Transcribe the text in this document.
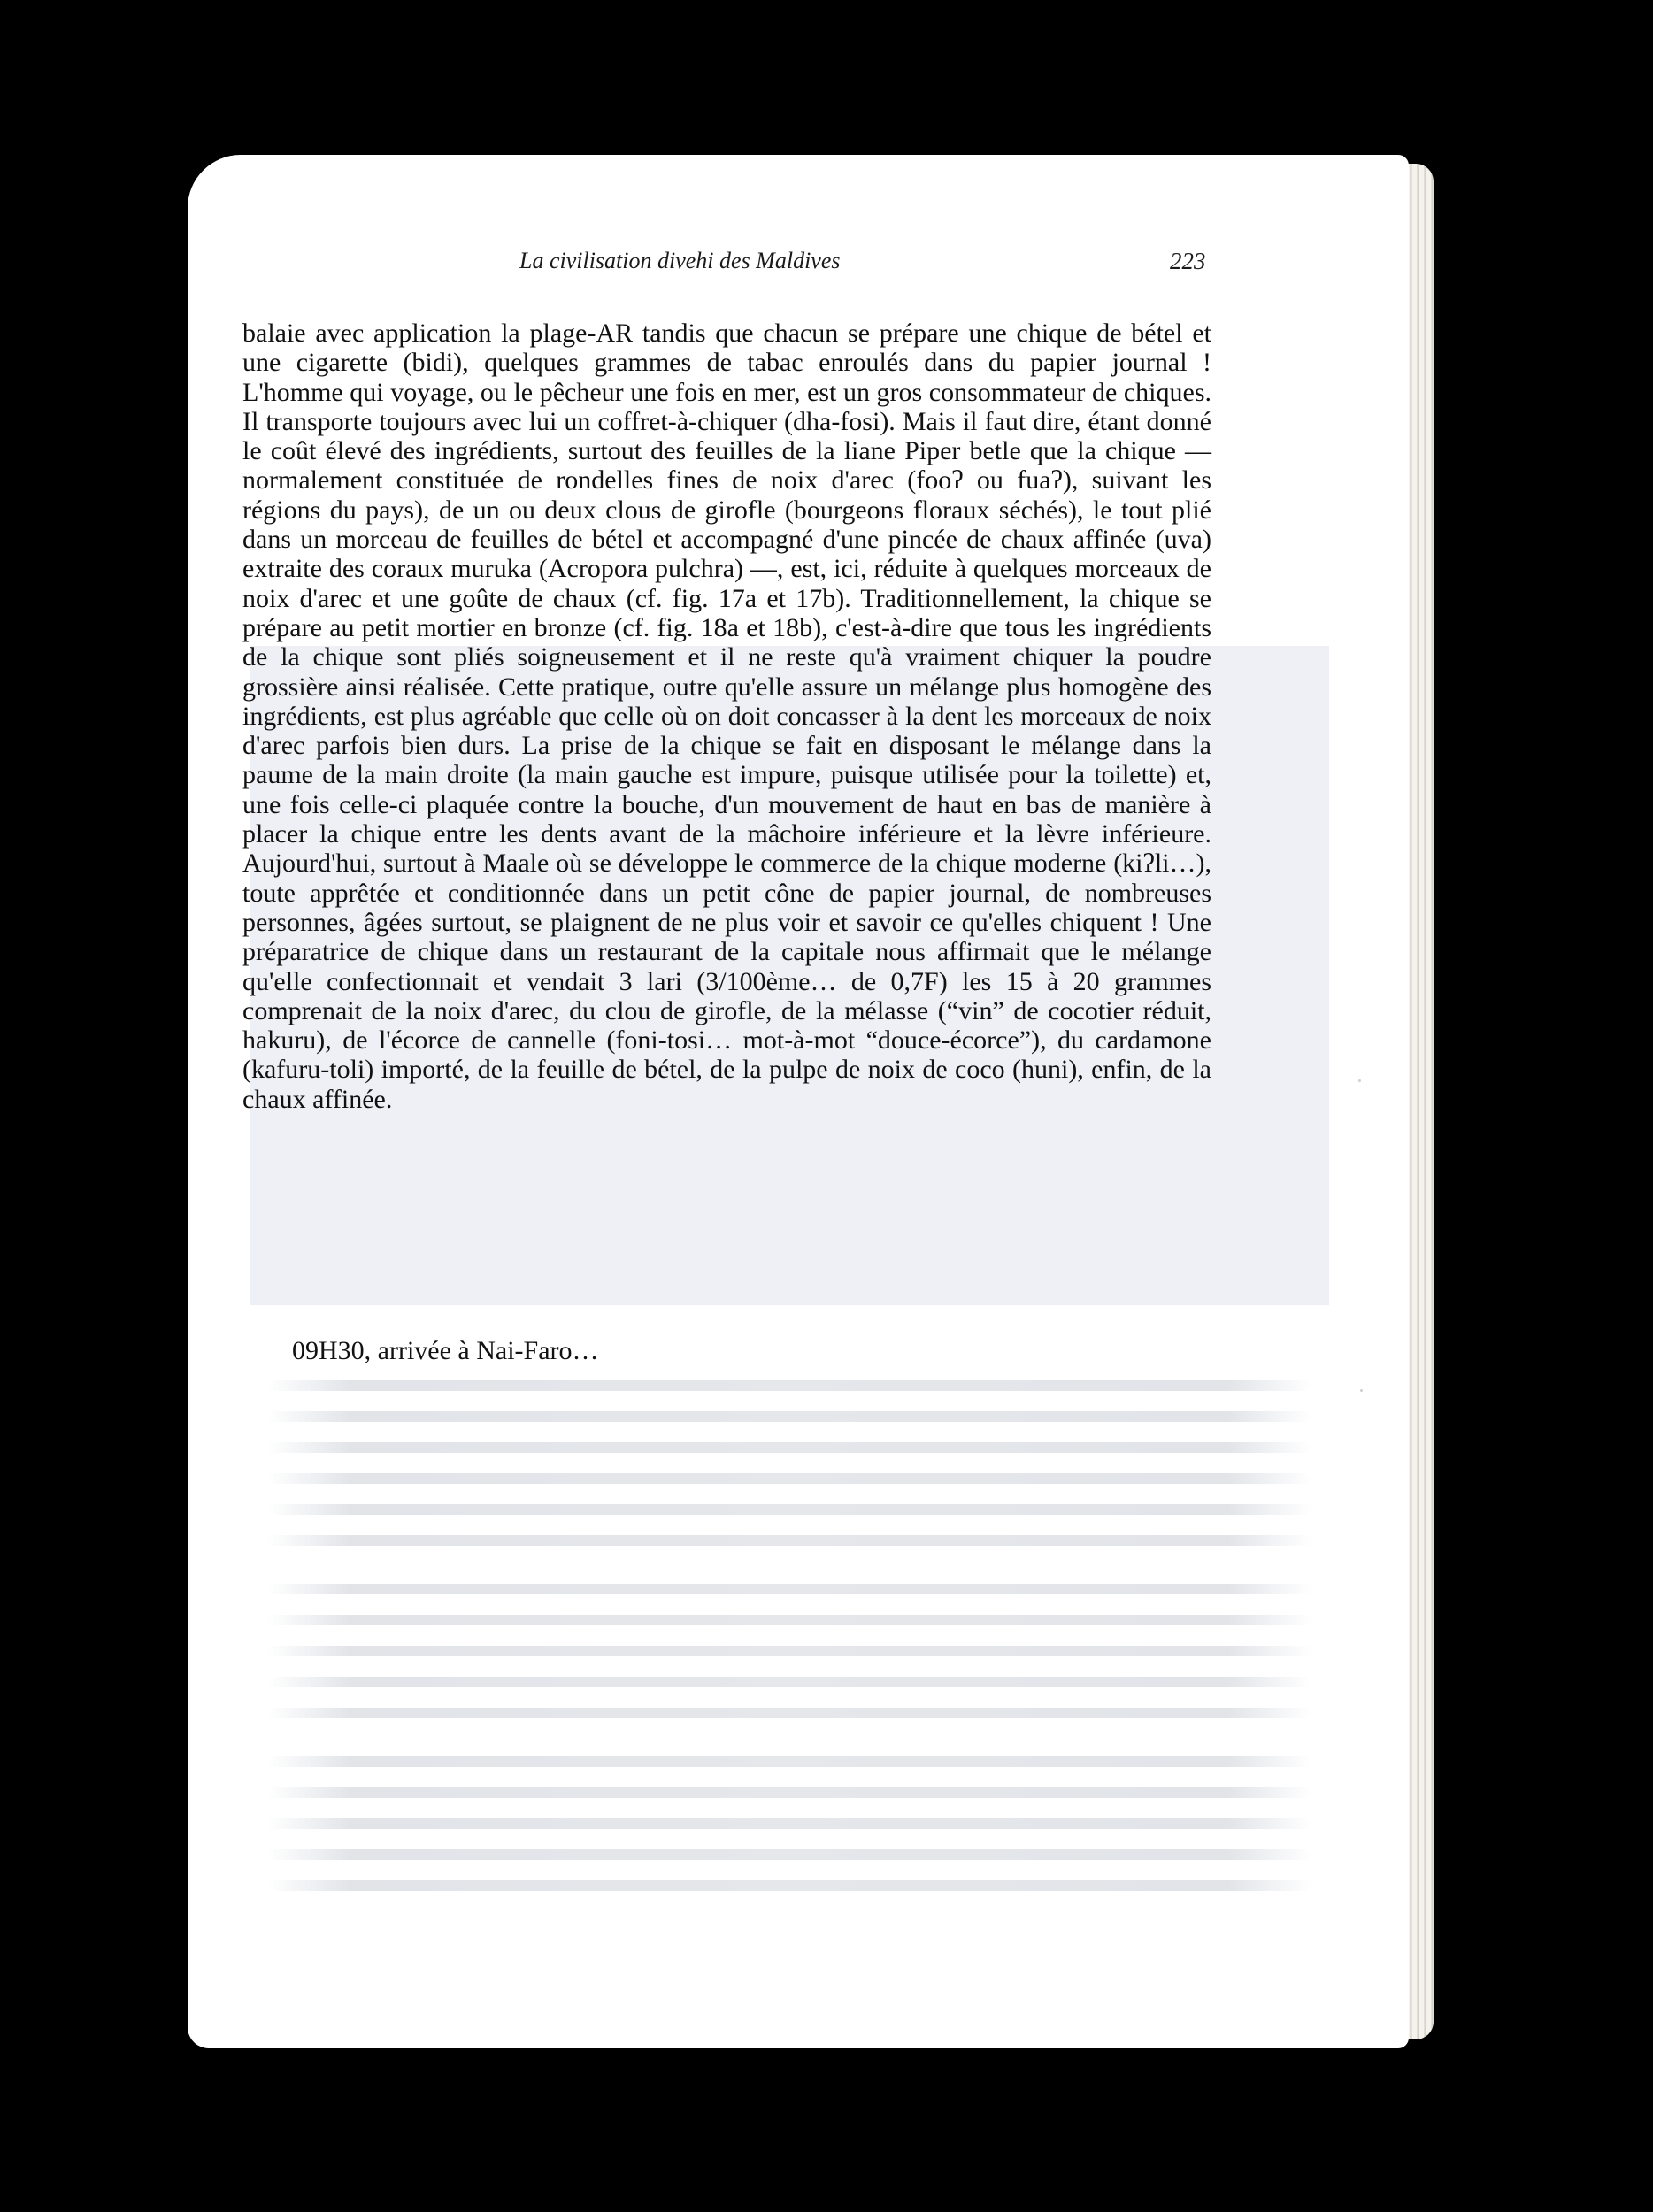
La civilisation divehi des Maldives	223

balaie avec application la plage-AR tandis que chacun se prépare une chique de bétel et une cigarette (bidi), quelques grammes de tabac enroulés dans du papier journal ! L'homme qui voyage, ou le pêcheur une fois en mer, est un gros consommateur de chiques. Il transporte toujours avec lui un coffret-à-chiquer (dha-fosi). Mais il faut dire, étant donné le coût élevé des ingrédients, surtout des feuilles de la liane Piper betle que la chique — normalement constituée de rondelles fines de noix d'arec (fooʔ ou fuaʔ), suivant les régions du pays), de un ou deux clous de girofle (bourgeons floraux séchés), le tout plié dans un morceau de feuilles de bétel et accompagné d'une pincée de chaux affinée (uva) extraite des coraux muruka (Acropora pulchra) —, est, ici, réduite à quelques morceaux de noix d'arec et une goûte de chaux (cf. fig. 17a et 17b). Traditionnellement, la chique se prépare au petit mortier en bronze (cf. fig. 18a et 18b), c'est-à-dire que tous les ingrédients de la chique sont pliés soigneusement et il ne reste qu'à vraiment chiquer la poudre grossière ainsi réalisée. Cette pratique, outre qu'elle assure un mélange plus homogène des ingrédients, est plus agréable que celle où on doit concasser à la dent les morceaux de noix d'arec parfois bien durs. La prise de la chique se fait en disposant le mélange dans la paume de la main droite (la main gauche est impure, puisque utilisée pour la toilette) et, une fois celle-ci plaquée contre la bouche, d'un mouvement de haut en bas de manière à placer la chique entre les dents avant de la mâchoire inférieure et la lèvre inférieure. Aujourd'hui, surtout à Maale où se développe le commerce de la chique moderne (kiʔli…), toute apprêtée et conditionnée dans un petit cône de papier journal, de nombreuses personnes, âgées surtout, se plaignent de ne plus voir et savoir ce qu'elles chiquent ! Une préparatrice de chique dans un restaurant de la capitale nous affirmait que le mélange qu'elle confectionnait et vendait 3 lari (3/100ème… de 0,7F) les 15 à 20 grammes comprenait de la noix d'arec, du clou de girofle, de la mélasse (“vin” de cocotier réduit, hakuru), de l'écorce de cannelle (foni-tosi… mot-à-mot “douce-écorce”), du cardamone (kafuru-toli) importé, de la feuille de bétel, de la pulpe de noix de coco (huni), enfin, de la chaux affinée.

09H30, arrivée à Nai-Faro…
